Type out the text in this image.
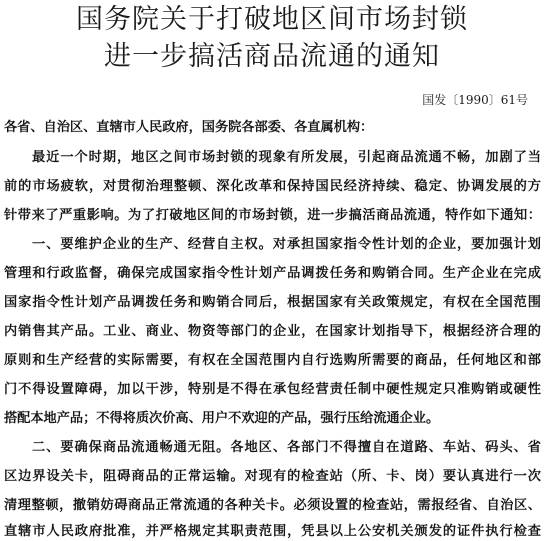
国务院关于打破地区间市场封锁
进一步搞活商品流通的通知
国发〔1990〕61号
各省、自治区、直辖市人民政府，国务院各部委、各直属机构：
最近一个时期，地区之间市场封锁的现象有所发展，引起商品流通不畅，加剧了当
前的市场疲软，对贯彻治理整顿、深化改革和保持国民经济持续、稳定、协调发展的方
针带来了严重影响。为了打破地区间的市场封锁，进一步搞活商品流通，特作如下通知：
一、要维护企业的生产、经营自主权。对承担国家指令性计划的企业，要加强计划
管理和行政监督，确保完成国家指令性计划产品调拨任务和购销合同。生产企业在完成
国家指令性计划产品调拨任务和购销合同后，根据国家有关政策规定，有权在全国范围
内销售其产品。工业、商业、物资等部门的企业，在国家计划指导下，根据经济合理的
原则和生产经营的实际需要，有权在全国范围内自行选购所需要的商品，任何地区和部
门不得设置障碍，加以干涉，特别是不得在承包经营责任制中硬性规定只准购销或硬性
搭配本地产品；不得将质次价高、用户不欢迎的产品，强行压给流通企业。
二、要确保商品流通畅通无阻。各地区、各部门不得擅自在道路、车站、码头、省
区边界设关卡，阻碍商品的正常运输。对现有的检查站（所、卡、岗）要认真进行一次
清理整顿，撤销妨碍商品正常流通的各种关卡。必须设置的检查站，需报经省、自治区、
直辖市人民政府批准，并严格规定其职责范围，凭县以上公安机关颁发的证件执行检查
